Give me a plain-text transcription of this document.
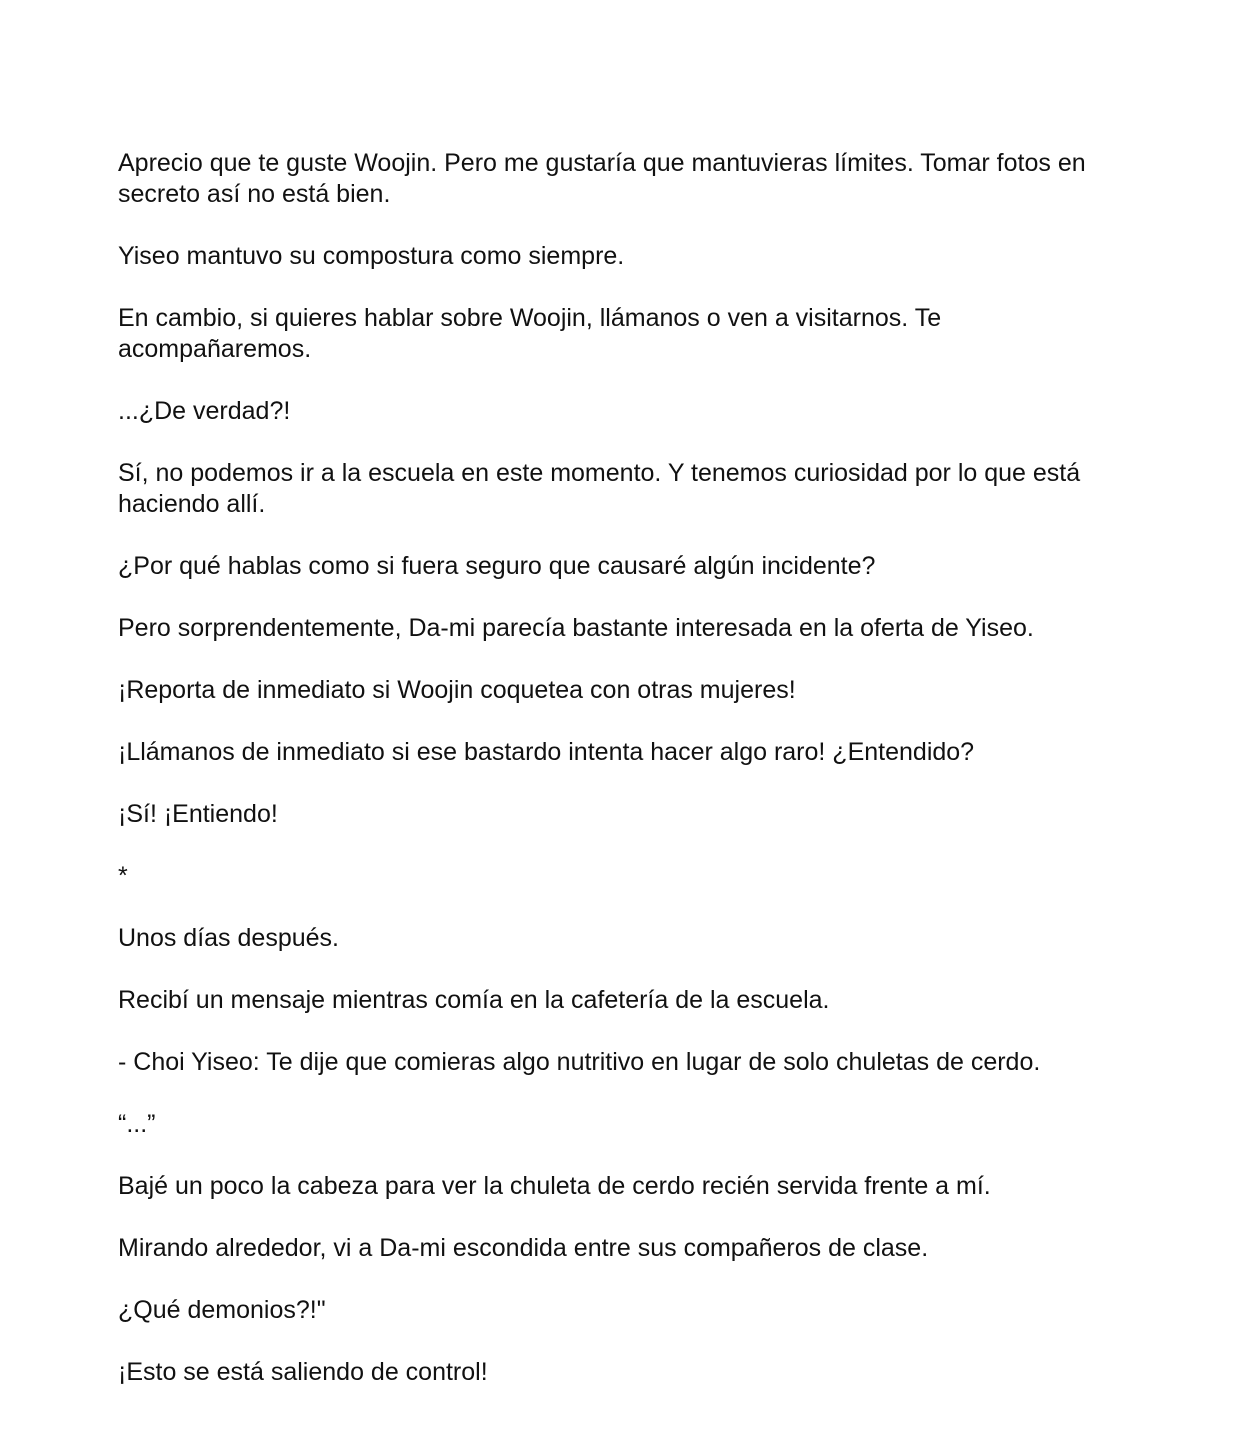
Aprecio que te guste Woojin. Pero me gustaría que mantuvieras límites. Tomar fotos en secreto así no está bien.

Yiseo mantuvo su compostura como siempre.

En cambio, si quieres hablar sobre Woojin, llámanos o ven a visitarnos. Te acompañaremos.

...¿De verdad?!

Sí, no podemos ir a la escuela en este momento. Y tenemos curiosidad por lo que está haciendo allí.

¿Por qué hablas como si fuera seguro que causaré algún incidente?

Pero sorprendentemente, Da-mi parecía bastante interesada en la oferta de Yiseo.

¡Reporta de inmediato si Woojin coquetea con otras mujeres!

¡Llámanos de inmediato si ese bastardo intenta hacer algo raro! ¿Entendido?

¡Sí! ¡Entiendo!

*

Unos días después.

Recibí un mensaje mientras comía en la cafetería de la escuela.

- Choi Yiseo: Te dije que comieras algo nutritivo en lugar de solo chuletas de cerdo.

“...”

Bajé un poco la cabeza para ver la chuleta de cerdo recién servida frente a mí.

Mirando alrededor, vi a Da-mi escondida entre sus compañeros de clase.

¿Qué demonios?!"

¡Esto se está saliendo de control!
